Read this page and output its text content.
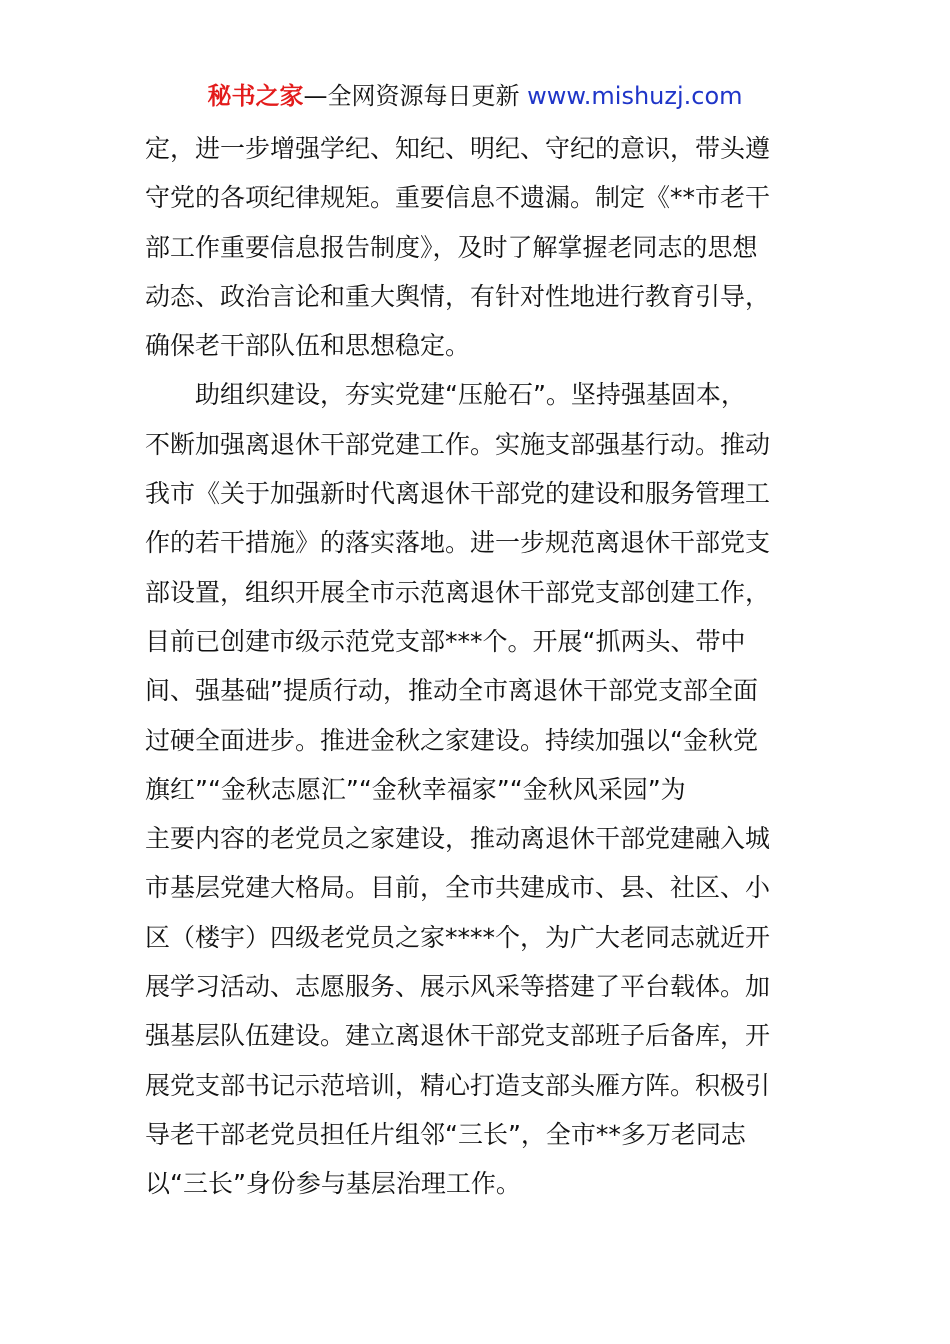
秘书之家—全网资源每日更新 www.mishuzj.com
定，进一步增强学纪、知纪、明纪、守纪的意识，带头遵
守党的各项纪律规矩。重要信息不遗漏。制定《**市老干
部工作重要信息报告制度》，及时了解掌握老同志的思想
动态、政治言论和重大舆情，有针对性地进行教育引导，
确保老干部队伍和思想稳定。
助组织建设，夯实党建“压舱石”。坚持强基固本，
不断加强离退休干部党建工作。实施支部强基行动。推动
我市《关于加强新时代离退休干部党的建设和服务管理工
作的若干措施》的落实落地。进一步规范离退休干部党支
部设置，组织开展全市示范离退休干部党支部创建工作，
目前已创建市级示范党支部***个。开展“抓两头、带中
间、强基础”提质行动，推动全市离退休干部党支部全面
过硬全面进步。推进金秋之家建设。持续加强以“金秋党
旗红”“金秋志愿汇”“金秋幸福家”“金秋风采园”为
主要内容的老党员之家建设，推动离退休干部党建融入城
市基层党建大格局。目前，全市共建成市、县、社区、小
区（楼宇）四级老党员之家****个，为广大老同志就近开
展学习活动、志愿服务、展示风采等搭建了平台载体。加
强基层队伍建设。建立离退休干部党支部班子后备库，开
展党支部书记示范培训，精心打造支部头雁方阵。积极引
导老干部老党员担任片组邻“三长”，全市**多万老同志
以“三长”身份参与基层治理工作。
